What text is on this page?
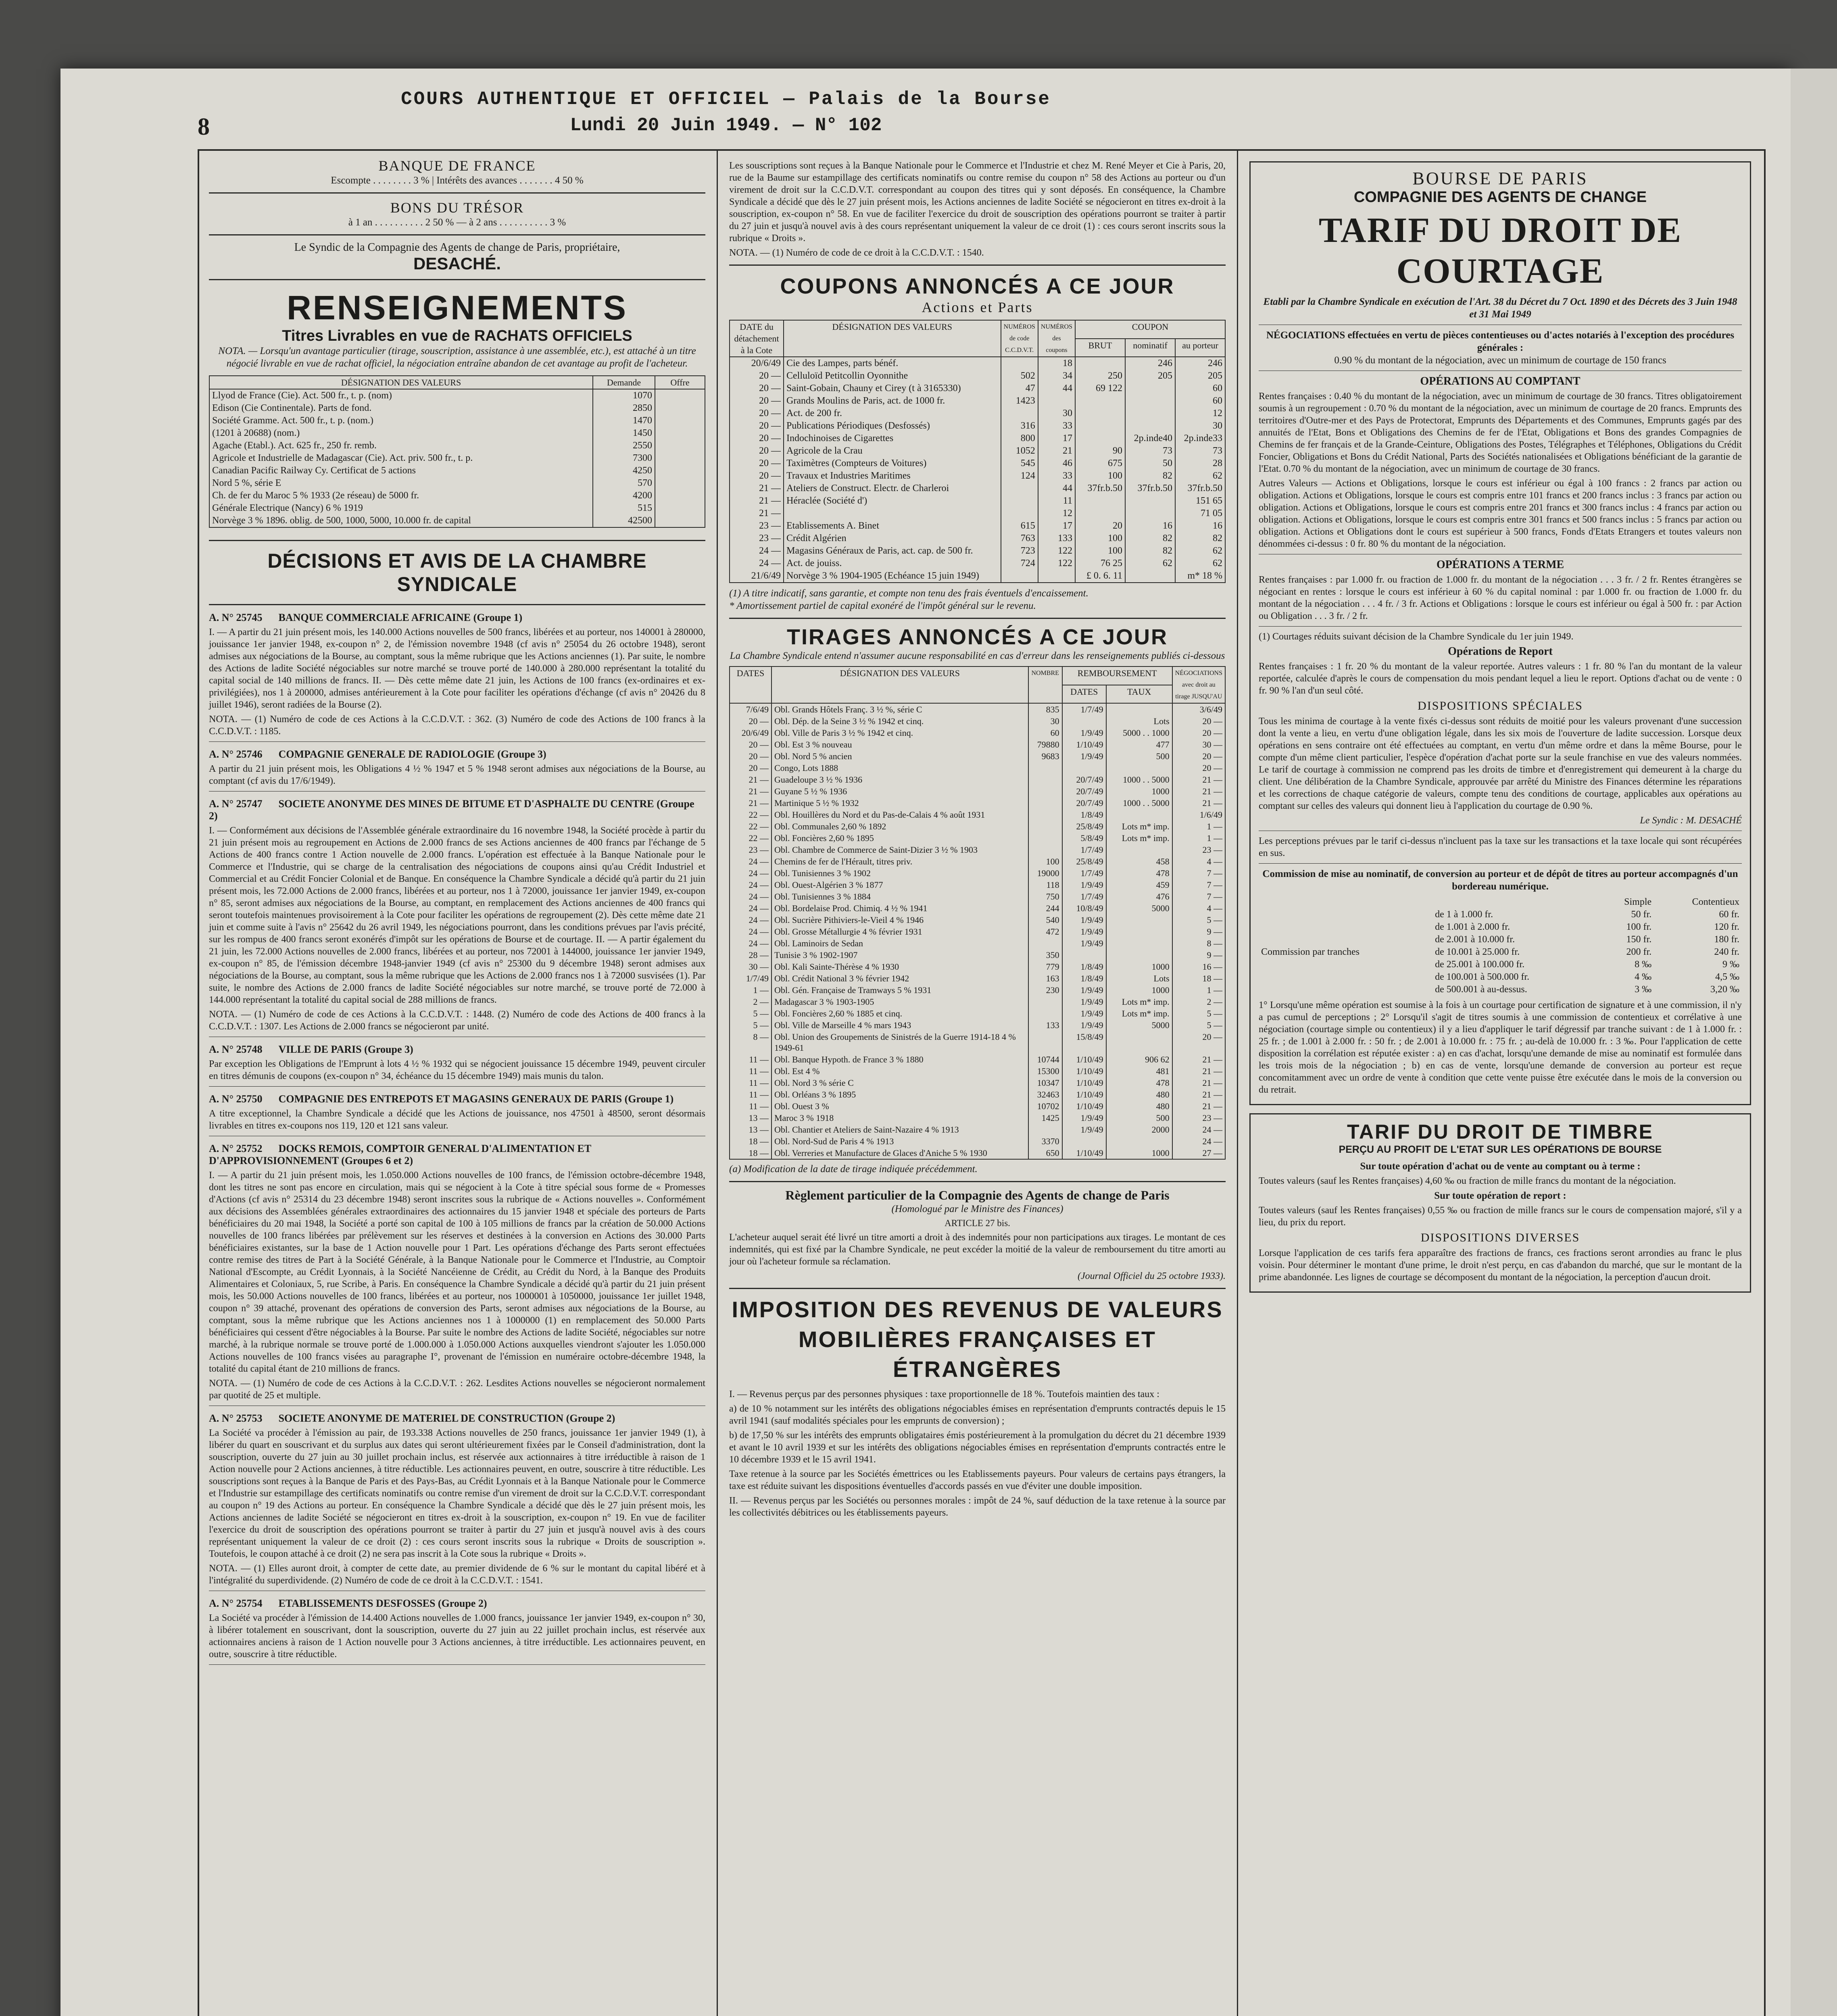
8
COURS AUTHENTIQUE ET OFFICIEL — Palais de la Bourse
Lundi 20 Juin 1949. — N° 102
BANQUE DE FRANCE
Escompte . . . . . . . . 3 % | Intérêts des avances . . . . . . . 4 50 %
BONS DU TRÉSOR
à 1 an . . . . . . . . . . 2 50 % — à 2 ans . . . . . . . . . . 3 %
Le Syndic de la Compagnie des Agents de change de Paris, propriétaire,
DESACHÉ.
RENSEIGNEMENTS
Titres Livrables en vue de RACHATS OFFICIELS
NOTA. — Lorsqu'un avantage particulier (tirage, souscription, assistance à une assemblée, etc.), est attaché à un titre négocié livrable en vue de rachat officiel, la négociation entraîne abandon de cet avantage au profit de l'acheteur.
DÉSIGNATION DES VALEURS	Demande	Offre
Llyod de France (Cie). Act. 500 fr., t. p. (nom)	1070	
Edison (Cie Continentale). Parts de fond.	2850	
Société Gramme. Act. 500 fr., t. p. (nom.)	1470	
(1201 à 20688) (nom.)	1450	
Agache (Etabl.). Act. 625 fr., 250 fr. remb.	2550	
Agricole et Industrielle de Madagascar (Cie). Act. priv. 500 fr., t. p.	7300	
Canadian Pacific Railway Cy. Certificat de 5 actions	4250	
Nord 5 %, série E	570	
Ch. de fer du Maroc 5 % 1933 (2e réseau) de 5000 fr.	4200	
Générale Electrique (Nancy) 6 % 1919	515	
Norvège 3 % 1896. oblig. de 500, 1000, 5000, 10.000 fr. de capital	42500	
DÉCISIONS ET AVIS DE LA CHAMBRE SYNDICALE
A. N° 25745 BANQUE COMMERCIALE AFRICAINE (Groupe 1)
I. — A partir du 21 juin présent mois, les 140.000 Actions nouvelles de 500 francs, libérées et au porteur, nos 140001 à 280000, jouissance 1er janvier 1948, ex-coupon n° 2, de l'émission novembre 1948 (cf avis n° 25054 du 26 octobre 1948), seront admises aux négociations de la Bourse, au comptant, sous la même rubrique que les Actions anciennes (1). Par suite, le nombre des Actions de ladite Société négociables sur notre marché se trouve porté de 140.000 à 280.000 représentant la totalité du capital social de 140 millions de francs. II. — Dès cette même date 21 juin, les Actions de 100 francs (ex-ordinaires et ex-privilégiées), nos 1 à 200000, admises antérieurement à la Cote pour faciliter les opérations d'échange (cf avis n° 20426 du 8 juillet 1946), seront radiées de la Bourse (2).
NOTA. — (1) Numéro de code de ces Actions à la C.C.D.V.T. : 362. (3) Numéro de code des Actions de 100 francs à la C.C.D.V.T. : 1185.
A. N° 25746 COMPAGNIE GENERALE DE RADIOLOGIE (Groupe 3)
A partir du 21 juin présent mois, les Obligations 4 ½ % 1947 et 5 % 1948 seront admises aux négociations de la Bourse, au comptant (cf avis du 17/6/1949).
A. N° 25747 SOCIETE ANONYME DES MINES DE BITUME ET D'ASPHALTE DU CENTRE (Groupe 2)
I. — Conformément aux décisions de l'Assemblée générale extraordinaire du 16 novembre 1948, la Société procède à partir du 21 juin présent mois au regroupement en Actions de 2.000 francs de ses Actions anciennes de 400 francs par l'échange de 5 Actions de 400 francs contre 1 Action nouvelle de 2.000 francs. L'opération est effectuée à la Banque Nationale pour le Commerce et l'Industrie, qui se charge de la centralisation des négociations de coupons ainsi qu'au Crédit Industriel et Commercial et au Crédit Foncier Colonial et de Banque. En conséquence la Chambre Syndicale a décidé qu'à partir du 21 juin présent mois, les 72.000 Actions de 2.000 francs, libérées et au porteur, nos 1 à 72000, jouissance 1er janvier 1949, ex-coupon n° 85, seront admises aux négociations de la Bourse, au comptant, en remplacement des Actions anciennes de 400 francs qui seront toutefois maintenues provisoirement à la Cote pour faciliter les opérations de regroupement (2). Dès cette même date 21 juin et comme suite à l'avis n° 25642 du 26 avril 1949, les négociations pourront, dans les conditions prévues par l'avis précité, sur les rompus de 400 francs seront exonérés d'impôt sur les opérations de Bourse et de courtage. II. — A partir également du 21 juin, les 72.000 Actions nouvelles de 2.000 francs, libérées et au porteur, nos 72001 à 144000, jouissance 1er janvier 1949, ex-coupon n° 85, de l'émission décembre 1948-janvier 1949 (cf avis n° 25300 du 9 décembre 1948) seront admises aux négociations de la Bourse, au comptant, sous la même rubrique que les Actions de 2.000 francs nos 1 à 72000 susvisées (1). Par suite, le nombre des Actions de 2.000 francs de ladite Société négociables sur notre marché, se trouve porté de 72.000 à 144.000 représentant la totalité du capital social de 288 millions de francs.
NOTA. — (1) Numéro de code de ces Actions à la C.C.D.V.T. : 1448. (2) Numéro de code des Actions de 400 francs à la C.C.D.V.T. : 1307. Les Actions de 2.000 francs se négocieront par unité.
A. N° 25748 VILLE DE PARIS (Groupe 3)
Par exception les Obligations de l'Emprunt à lots 4 ½ % 1932 qui se négocient jouissance 15 décembre 1949, peuvent circuler en titres démunis de coupons (ex-coupon n° 34, échéance du 15 décembre 1949) mais munis du talon.
A. N° 25750 COMPAGNIE DES ENTREPOTS ET MAGASINS GENERAUX DE PARIS (Groupe 1)
A titre exceptionnel, la Chambre Syndicale a décidé que les Actions de jouissance, nos 47501 à 48500, seront désormais livrables en titres ex-coupons nos 119, 120 et 121 sans valeur.
A. N° 25752 DOCKS REMOIS, COMPTOIR GENERAL D'ALIMENTATION ET D'APPROVISIONNEMENT (Groupes 6 et 2)
I. — A partir du 21 juin présent mois, les 1.050.000 Actions nouvelles de 100 francs, de l'émission octobre-décembre 1948, dont les titres ne sont pas encore en circulation, mais qui se négocient à la Cote à titre spécial sous forme de « Promesses d'Actions (cf avis n° 25314 du 23 décembre 1948) seront inscrites sous la rubrique de « Actions nouvelles ». Conformément aux décisions des Assemblées générales extraordinaires des actionnaires du 15 janvier 1948 et spéciale des porteurs de Parts bénéficiaires du 20 mai 1948, la Société a porté son capital de 100 à 105 millions de francs par la création de 50.000 Actions nouvelles de 100 francs libérées par prélèvement sur les réserves et destinées à la conversion en Actions des 30.000 Parts bénéficiaires existantes, sur la base de 1 Action nouvelle pour 1 Part. Les opérations d'échange des Parts seront effectuées contre remise des titres de Part à la Société Générale, à la Banque Nationale pour le Commerce et l'Industrie, au Comptoir National d'Escompte, au Crédit Lyonnais, à la Société Nancéienne de Crédit, au Crédit du Nord, à la Banque des Produits Alimentaires et Coloniaux, 5, rue Scribe, à Paris. En conséquence la Chambre Syndicale a décidé qu'à partir du 21 juin présent mois, les 50.000 Actions nouvelles de 100 francs, libérées et au porteur, nos 1000001 à 1050000, jouissance 1er juillet 1948, coupon n° 39 attaché, provenant des opérations de conversion des Parts, seront admises aux négociations de la Bourse, au comptant, sous la même rubrique que les Actions anciennes nos 1 à 1000000 (1) en remplacement des 50.000 Parts bénéficiaires qui cessent d'être négociables à la Bourse. Par suite le nombre des Actions de ladite Société, négociables sur notre marché, à la rubrique normale se trouve porté de 1.000.000 à 1.050.000 Actions auxquelles viendront s'ajouter les 1.050.000 Actions nouvelles de 100 francs visées au paragraphe I°, provenant de l'émission en numéraire octobre-décembre 1948, la totalité du capital étant de 210 millions de francs.
NOTA. — (1) Numéro de code de ces Actions à la C.C.D.V.T. : 262. Lesdites Actions nouvelles se négocieront normalement par quotité de 25 et multiple.
A. N° 25753 SOCIETE ANONYME DE MATERIEL DE CONSTRUCTION (Groupe 2)
La Société va procéder à l'émission au pair, de 193.338 Actions nouvelles de 250 francs, jouissance 1er janvier 1949 (1), à libérer du quart en souscrivant et du surplus aux dates qui seront ultérieurement fixées par le Conseil d'administration, dont la souscription, ouverte du 27 juin au 30 juillet prochain inclus, est réservée aux actionnaires à titre irréductible à raison de 1 Action nouvelle pour 2 Actions anciennes, à titre réductible. Les actionnaires peuvent, en outre, souscrire à titre réductible. Les souscriptions sont reçues à la Banque de Paris et des Pays-Bas, au Crédit Lyonnais et à la Banque Nationale pour le Commerce et l'Industrie sur estampillage des certificats nominatifs ou contre remise d'un virement de droit sur la C.C.D.V.T. correspondant au coupon n° 19 des Actions au porteur. En conséquence la Chambre Syndicale a décidé que dès le 27 juin présent mois, les Actions anciennes de ladite Société se négocieront en titres ex-droit à la souscription, ex-coupon n° 19. En vue de faciliter l'exercice du droit de souscription des opérations pourront se traiter à partir du 27 juin et jusqu'à nouvel avis à des cours représentant uniquement la valeur de ce droit (2) : ces cours seront inscrits sous la rubrique « Droits de souscription ». Toutefois, le coupon attaché à ce droit (2) ne sera pas inscrit à la Cote sous la rubrique « Droits ».
NOTA. — (1) Elles auront droit, à compter de cette date, au premier dividende de 6 % sur le montant du capital libéré et à l'intégralité du superdividende. (2) Numéro de code de ce droit à la C.C.D.V.T. : 1541.
A. N° 25754 ETABLISSEMENTS DESFOSSES (Groupe 2)
La Société va procéder à l'émission de 14.400 Actions nouvelles de 1.000 francs, jouissance 1er janvier 1949, ex-coupon n° 30, à libérer totalement en souscrivant, dont la souscription, ouverte du 27 juin au 22 juillet prochain inclus, est réservée aux actionnaires anciens à raison de 1 Action nouvelle pour 3 Actions anciennes, à titre irréductible. Les actionnaires peuvent, en outre, souscrire à titre réductible.
Les souscriptions sont reçues à la Banque Nationale pour le Commerce et l'Industrie et chez M. René Meyer et Cie à Paris, 20, rue de la Baume sur estampillage des certificats nominatifs ou contre remise du coupon n° 58 des Actions au porteur ou d'un virement de droit sur la C.C.D.V.T. correspondant au coupon des titres qui y sont déposés. En conséquence, la Chambre Syndicale a décidé que dès le 27 juin présent mois, les Actions anciennes de ladite Société se négocieront en titres ex-droit à la souscription, ex-coupon n° 58. En vue de faciliter l'exercice du droit de souscription des opérations pourront se traiter à partir du 27 juin et jusqu'à nouvel avis à des cours représentant uniquement la valeur de ce droit (1) : ces cours seront inscrits sous la rubrique « Droits ».
NOTA. — (1) Numéro de code de ce droit à la C.C.D.V.T. : 1540.
COUPONS ANNONCÉS A CE JOUR
Actions et Parts
DATE du détachement à la Cote	DÉSIGNATION DES VALEURS	NUMÉROS de code C.C.D.V.T.	NUMÉROS des coupons	COUPON		
				BRUT	nominatif	au porteur
20/6/49	Cie des Lampes, parts bénéf.		18		246	246
20 —	Celluloïd Petitcollin Oyonnithe	502	34	250	205	205
20 —	Saint-Gobain, Chauny et Cirey (t à 3165330)	47	44	69 122		60
20 —	Grands Moulins de Paris, act. de 1000 fr.	1423				60
20 —	Act. de 200 fr.		30			12
20 —	Publications Périodiques (Desfossés)	316	33			30
20 —	Indochinoises de Cigarettes	800	17		2p.inde40	2p.inde33
20 —	Agricole de la Crau	1052	21	90	73	73
20 —	Taximètres (Compteurs de Voitures)	545	46	675	50	28
20 —	Travaux et Industries Maritimes	124	33	100	82	62
21 —	Ateliers de Construct. Electr. de Charleroi		44	37fr.b.50	37fr.b.50	37fr.b.50
21 —	Héraclée (Société d')		11			151 65
21 —			12			71 05
23 —	Etablissements A. Binet	615	17	20	16	16
23 —	Crédit Algérien	763	133	100	82	82
24 —	Magasins Généraux de Paris, act. cap. de 500 fr.	723	122	100	82	62
24 —	Act. de jouiss.	724	122	76 25	62	62
21/6/49	Norvège 3 % 1904-1905 (Echéance 15 juin 1949)			£ 0. 6. 11		m* 18 %
(1) A titre indicatif, sans garantie, et compte non tenu des frais éventuels d'encaissement.
* Amortissement partiel de capital exonéré de l'impôt général sur le revenu.
TIRAGES ANNONCÉS A CE JOUR
La Chambre Syndicale entend n'assumer aucune responsabilité en cas d'erreur dans les renseignements publiés ci-dessous
DATES	DÉSIGNATION DES VALEURS	NOMBRE	REMBOURSEMENT		NÉGOCIATIONS avec droit au tirage JUSQU'AU
			DATES	TAUX	
7/6/49	Obl. Grands Hôtels Franç. 3 ½ %, série C	835	1/7/49		3/6/49
20 —	Obl. Dép. de la Seine 3 ½ % 1942 et cinq.	30		Lots	20 —
20/6/49	Obl. Ville de Paris 3 ½ % 1942 et cinq.	60	1/9/49	5000 . . 1000	20 —
20 —	Obl. Est 3 % nouveau	79880	1/10/49	477	30 —
20 —	Obl. Nord 5 % ancien	9683	1/9/49	500	20 —
20 —	Congo, Lots 1888				20 —
21 —	Guadeloupe 3 ½ % 1936		20/7/49	1000 . . 5000	21 —
21 —	Guyane 5 ½ % 1936		20/7/49	1000	21 —
21 —	Martinique 5 ½ % 1932		20/7/49	1000 . . 5000	21 —
22 —	Obl. Houillères du Nord et du Pas-de-Calais 4 % août 1931		1/8/49		1/6/49
22 —	Obl. Communales 2,60 % 1892		25/8/49	Lots m* imp.	1 —
22 —	Obl. Foncières 2,60 % 1895		5/8/49	Lots m* imp.	1 —
23 —	Obl. Chambre de Commerce de Saint-Dizier 3 ½ % 1903		1/7/49		23 —
24 —	Chemins de fer de l'Hérault, titres priv.	100	25/8/49	458	4 —
24 —	Obl. Tunisiennes 3 % 1902	19000	1/7/49	478	7 —
24 —	Obl. Ouest-Algérien 3 % 1877	118	1/9/49	459	7 —
24 —	Obl. Tunisiennes 3 % 1884	750	1/7/49	476	7 —
24 —	Obl. Bordelaise Prod. Chimiq. 4 ½ % 1941	244	10/8/49	5000	4 —
24 —	Obl. Sucrière Pithiviers-le-Vieil 4 % 1946	540	1/9/49		5 —
24 —	Obl. Grosse Métallurgie 4 % février 1931	472	1/9/49		9 —
24 —	Obl. Laminoirs de Sedan		1/9/49		8 —
28 —	Tunisie 3 % 1902-1907	350			9 —
30 —	Obl. Kali Sainte-Thérèse 4 % 1930	779	1/8/49	1000	16 —
1/7/49	Obl. Crédit National 3 % février 1942	163	1/8/49	Lots	18 —
1 —	Obl. Gén. Française de Tramways 5 % 1931	230	1/9/49	1000	1 —
2 —	Madagascar 3 % 1903-1905		1/9/49	Lots m* imp.	2 —
5 —	Obl. Foncières 2,60 % 1885 et cinq.		1/9/49	Lots m* imp.	5 —
5 —	Obl. Ville de Marseille 4 % mars 1943	133	1/9/49	5000	5 —
8 —	Obl. Union des Groupements de Sinistrés de la Guerre 1914-18 4 % 1949-61		15/8/49		20 —
11 —	Obl. Banque Hypoth. de France 3 % 1880	10744	1/10/49	906 62	21 —
11 —	Obl. Est 4 %	15300	1/10/49	481	21 —
11 —	Obl. Nord 3 % série C	10347	1/10/49	478	21 —
11 —	Obl. Orléans 3 % 1895	32463	1/10/49	480	21 —
11 —	Obl. Ouest 3 %	10702	1/10/49	480	21 —
13 —	Maroc 3 % 1918	1425	1/9/49	500	23 —
13 —	Obl. Chantier et Ateliers de Saint-Nazaire 4 % 1913		1/9/49	2000	24 —
18 —	Obl. Nord-Sud de Paris 4 % 1913	3370			24 —
18 —	Obl. Verreries et Manufacture de Glaces d'Aniche 5 % 1930	650	1/10/49	1000	27 —
(a) Modification de la date de tirage indiquée précédemment.
Règlement particulier de la Compagnie des Agents de change de Paris
(Homologué par le Ministre des Finances)
ARTICLE 27 bis.
L'acheteur auquel serait été livré un titre amorti a droit à des indemnités pour non participations aux tirages. Le montant de ces indemnités, qui est fixé par la Chambre Syndicale, ne peut excéder la moitié de la valeur de remboursement du titre amorti au jour où l'acheteur formule sa réclamation.
(Journal Officiel du 25 octobre 1933).
IMPOSITION DES REVENUS DE VALEURS MOBILIÈRES FRANÇAISES ET ÉTRANGÈRES
I. — Revenus perçus par des personnes physiques : taxe proportionnelle de 18 %. Toutefois maintien des taux :
a) de 10 % notamment sur les intérêts des obligations négociables émises en représentation d'emprunts contractés depuis le 15 avril 1941 (sauf modalités spéciales pour les emprunts de conversion) ;
b) de 17,50 % sur les intérêts des emprunts obligataires émis postérieurement à la promulgation du décret du 21 décembre 1939 et avant le 10 avril 1939 et sur les intérêts des obligations négociables émises en représentation d'emprunts contractés entre le 10 décembre 1939 et le 15 avril 1941.
Taxe retenue à la source par les Sociétés émettrices ou les Etablissements payeurs. Pour valeurs de certains pays étrangers, la taxe est réduite suivant les dispositions éventuelles d'accords passés en vue d'éviter une double imposition.
II. — Revenus perçus par les Sociétés ou personnes morales : impôt de 24 %, sauf déduction de la taxe retenue à la source par les collectivités débitrices ou les établissements payeurs.
BOURSE DE PARIS
COMPAGNIE DES AGENTS DE CHANGE
TARIF DU DROIT DE COURTAGE
Etabli par la Chambre Syndicale en exécution de l'Art. 38 du Décret du 7 Oct. 1890 et des Décrets des 3 Juin 1948 et 31 Mai 1949
NÉGOCIATIONS effectuées en vertu de pièces contentieuses ou d'actes notariés à l'exception des procédures générales :
0.90 % du montant de la négociation, avec un minimum de courtage de 150 francs
OPÉRATIONS AU COMPTANT
Rentes françaises : 0.40 % du montant de la négociation, avec un minimum de courtage de 30 francs. Titres obligatoirement soumis à un regroupement : 0.70 % du montant de la négociation, avec un minimum de courtage de 20 francs. Emprunts des territoires d'Outre-mer et des Pays de Protectorat, Emprunts des Départements et des Communes, Emprunts gagés par des annuités de l'Etat, Bons et Obligations des Chemins de fer de l'Etat, Obligations et Bons des grandes Compagnies de Chemins de fer français et de la Grande-Ceinture, Obligations des Postes, Télégraphes et Téléphones, Obligations du Crédit Foncier, Obligations et Bons du Crédit National, Parts des Sociétés nationalisées et Obligations bénéficiant de la garantie de l'Etat. 0.70 % du montant de la négociation, avec un minimum de courtage de 30 francs.
Autres Valeurs — Actions et Obligations, lorsque le cours est inférieur ou égal à 100 francs : 2 francs par action ou obligation. Actions et Obligations, lorsque le cours est compris entre 101 francs et 200 francs inclus : 3 francs par action ou obligation. Actions et Obligations, lorsque le cours est compris entre 201 francs et 300 francs inclus : 4 francs par action ou obligation. Actions et Obligations, lorsque le cours est compris entre 301 francs et 500 francs inclus : 5 francs par action ou obligation. Actions et Obligations dont le cours est supérieur à 500 francs, Fonds d'Etats Etrangers et toutes valeurs non dénommées ci-dessus : 0 fr. 80 % du montant de la négociation.
OPÉRATIONS A TERME
Rentes françaises : par 1.000 fr. ou fraction de 1.000 fr. du montant de la négociation . . . 3 fr. / 2 fr. Rentes étrangères se négociant en rentes : lorsque le cours est inférieur à 60 % du capital nominal : par 1.000 fr. ou fraction de 1.000 fr. du montant de la négociation . . . 4 fr. / 3 fr. Actions et Obligations : lorsque le cours est inférieur ou égal à 500 fr. : par Action ou Obligation . . . 3 fr. / 2 fr.
(1) Courtages réduits suivant décision de la Chambre Syndicale du 1er juin 1949.
Opérations de Report
Rentes françaises : 1 fr. 20 % du montant de la valeur reportée. Autres valeurs : 1 fr. 80 % l'an du montant de la valeur reportée, calculée d'après le cours de compensation du mois pendant lequel a lieu le report. Options d'achat ou de vente : 0 fr. 90 % l'an d'un seul côté.
DISPOSITIONS SPÉCIALES
Tous les minima de courtage à la vente fixés ci-dessus sont réduits de moitié pour les valeurs provenant d'une succession dont la vente a lieu, en vertu d'une obligation légale, dans les six mois de l'ouverture de ladite succession. Lorsque deux opérations en sens contraire ont été effectuées au comptant, en vertu d'un même ordre et dans la même Bourse, pour le compte d'un même client particulier, l'espèce d'opération d'achat porte sur la seule franchise en vue des valeurs nommées. Le tarif de courtage à commission ne comprend pas les droits de timbre et d'enregistrement qui demeurent à la charge du client. Une délibération de la Chambre Syndicale, approuvée par arrêté du Ministre des Finances détermine les réparations et les corrections de chaque catégorie de valeurs, compte tenu des conditions de courtage, applicables aux opérations au comptant sur celles des valeurs qui donnent lieu à l'application du courtage de 0.90 %.
Le Syndic : M. DESACHÉ
Les perceptions prévues par le tarif ci-dessus n'incluent pas la taxe sur les transactions et la taxe locale qui sont récupérées en sus.
Commission de mise au nominatif, de conversion au porteur et de dépôt de titres au porteur accompagnés d'un bordereau numérique.
		Simple	Contentieux
	de 1 à 1.000 fr.	50 fr.	60 fr.
	de 1.001 à 2.000 fr.	100 fr.	120 fr.
	de 2.001 à 10.000 fr.	150 fr.	180 fr.
Commission par tranches	de 10.001 à 25.000 fr.	200 fr.	240 fr.
	de 25.001 à 100.000 fr.	8 ‰	9 ‰
	de 100.001 à 500.000 fr.	4 ‰	4,5 ‰
	de 500.001 à au-dessus.	3 ‰	3,20 ‰
1° Lorsqu'une même opération est soumise à la fois à un courtage pour certification de signature et à une commission, il n'y a pas cumul de perceptions ; 2° Lorsqu'il s'agit de titres soumis à une commission de contentieux et corrélative à une négociation (courtage simple ou contentieux) il y a lieu d'appliquer le tarif dégressif par tranche suivant : de 1 à 1.000 fr. : 25 fr. ; de 1.001 à 2.000 fr. : 50 fr. ; de 2.001 à 10.000 fr. : 75 fr. ; au-delà de 10.000 fr. : 3 ‰. Pour l'application de cette disposition la corrélation est réputée exister : a) en cas d'achat, lorsqu'une demande de mise au nominatif est formulée dans les trois mois de la négociation ; b) en cas de vente, lorsqu'une demande de conversion au porteur est reçue concomitamment avec un ordre de vente à condition que cette vente puisse être exécutée dans le mois de la conversion ou du retrait.
TARIF DU DROIT DE TIMBRE
PERÇU AU PROFIT DE L'ETAT SUR LES OPÉRATIONS DE BOURSE
Sur toute opération d'achat ou de vente au comptant ou à terme :
Toutes valeurs (sauf les Rentes françaises) 4,60 ‰ ou fraction de mille francs du montant de la négociation.
Sur toute opération de report :
Toutes valeurs (sauf les Rentes françaises) 0,55 ‰ ou fraction de mille francs sur le cours de compensation majoré, s'il y a lieu, du prix du report.
DISPOSITIONS DIVERSES
Lorsque l'application de ces tarifs fera apparaître des fractions de francs, ces fractions seront arrondies au franc le plus voisin. Pour déterminer le montant d'une prime, le droit n'est perçu, en cas d'abandon du marché, que sur le montant de la prime abandonnée. Les lignes de courtage se décomposent du montant de la négociation, la perception d'aucun droit.
